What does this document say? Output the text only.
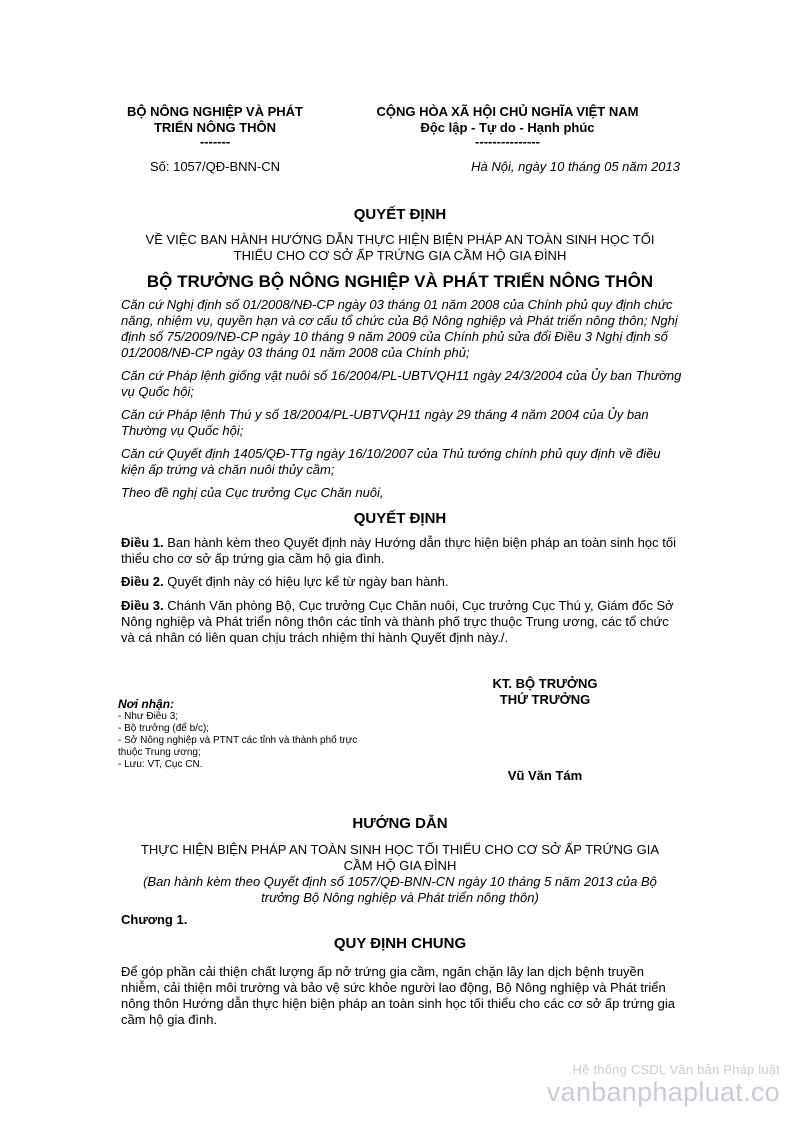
BỘ NÔNG NGHIỆP VÀ PHÁT
TRIỂN NÔNG THÔN
-------
Số: 1057/QĐ-BNN-CN
CỘNG HÒA XÃ HỘI CHỦ NGHĨA VIỆT NAM
Độc lập - Tự do - Hạnh phúc
---------------
Hà Nội, ngày 10 tháng 05 năm 2013
QUYẾT ĐỊNH
VỀ VIỆC BAN HÀNH HƯỚNG DẪN THỰC HIỆN BIỆN PHÁP AN TOÀN SINH HỌC TỐI
THIỂU CHO CƠ SỞ ẤP TRỨNG GIA CẦM HỘ GIA ĐÌNH
BỘ TRƯỞNG BỘ NÔNG NGHIỆP VÀ PHÁT TRIỂN NÔNG THÔN
Căn cứ Nghị định số 01/2008/NĐ-CP ngày 03 tháng 01 năm 2008 của Chính phủ quy định chức năng, nhiệm vụ, quyền hạn và cơ cấu tổ chức của Bộ Nông nghiệp và Phát triển nông thôn; Nghị định số 75/2009/NĐ-CP ngày 10 tháng 9 năm 2009 của Chính phủ sửa đổi Điều 3 Nghị định số 01/2008/NĐ-CP ngày 03 tháng 01 năm 2008 của Chính phủ;
Căn cứ Pháp lệnh giống vật nuôi số 16/2004/PL-UBTVQH11 ngày 24/3/2004 của Ủy ban Thường vụ Quốc hội;
Căn cứ Pháp lệnh Thú y số 18/2004/PL-UBTVQH11 ngày 29 tháng 4 năm 2004 của Ủy ban Thường vụ Quốc hội;
Căn cứ Quyết định 1405/QĐ-TTg ngày 16/10/2007 của Thủ tướng chính phủ quy định về điều kiện ấp trứng và chăn nuôi thủy cầm;
Theo đề nghị của Cục trưởng Cục Chăn nuôi,
QUYẾT ĐỊNH
Điều 1. Ban hành kèm theo Quyết định này Hướng dẫn thực hiện biện pháp an toàn sinh học tối thiểu cho cơ sở ấp trứng gia cầm hộ gia đình.
Điều 2. Quyết định này có hiệu lực kể từ ngày ban hành.
Điều 3. Chánh Văn phòng Bộ, Cục trưởng Cục Chăn nuôi, Cục trưởng Cục Thú y, Giám đốc Sở Nông nghiệp và Phát triển nông thôn các tỉnh và thành phố trực thuộc Trung ương, các tổ chức và cá nhân có liên quan chịu trách nhiệm thi hành Quyết định này./.
KT. BỘ TRƯỞNG
THỨ TRƯỞNG
Vũ Văn Tám
Nơi nhận:
- Như Điều 3;
- Bộ trưởng (để b/c);
- Sở Nông nghiệp và PTNT các tỉnh và thành phố trực
thuộc Trung ương;
- Lưu: VT, Cục CN.
HƯỚNG DẪN
THỰC HIỆN BIỆN PHÁP AN TOÀN SINH HỌC TỐI THIỂU CHO CƠ SỞ ẤP TRỨNG GIA
CẦM HỘ GIA ĐÌNH
(Ban hành kèm theo Quyết định số 1057/QĐ-BNN-CN ngày 10 tháng 5 năm 2013 của Bộ
trưởng Bộ Nông nghiệp và Phát triển nông thôn)
Chương 1.
QUY ĐỊNH CHUNG
Để góp phần cải thiện chất lượng ấp nở trứng gia cầm, ngăn chặn lây lan dịch bệnh truyền nhiễm, cải thiện môi trường và bảo vệ sức khỏe người lao động, Bộ Nông nghiệp và Phát triển nông thôn Hướng dẫn thực hiện biện pháp an toàn sinh học tối thiểu cho các cơ sở ấp trứng gia cầm hộ gia đình.
Hệ thống CSDL Văn bản Pháp luật
vanbanphapluat.co
